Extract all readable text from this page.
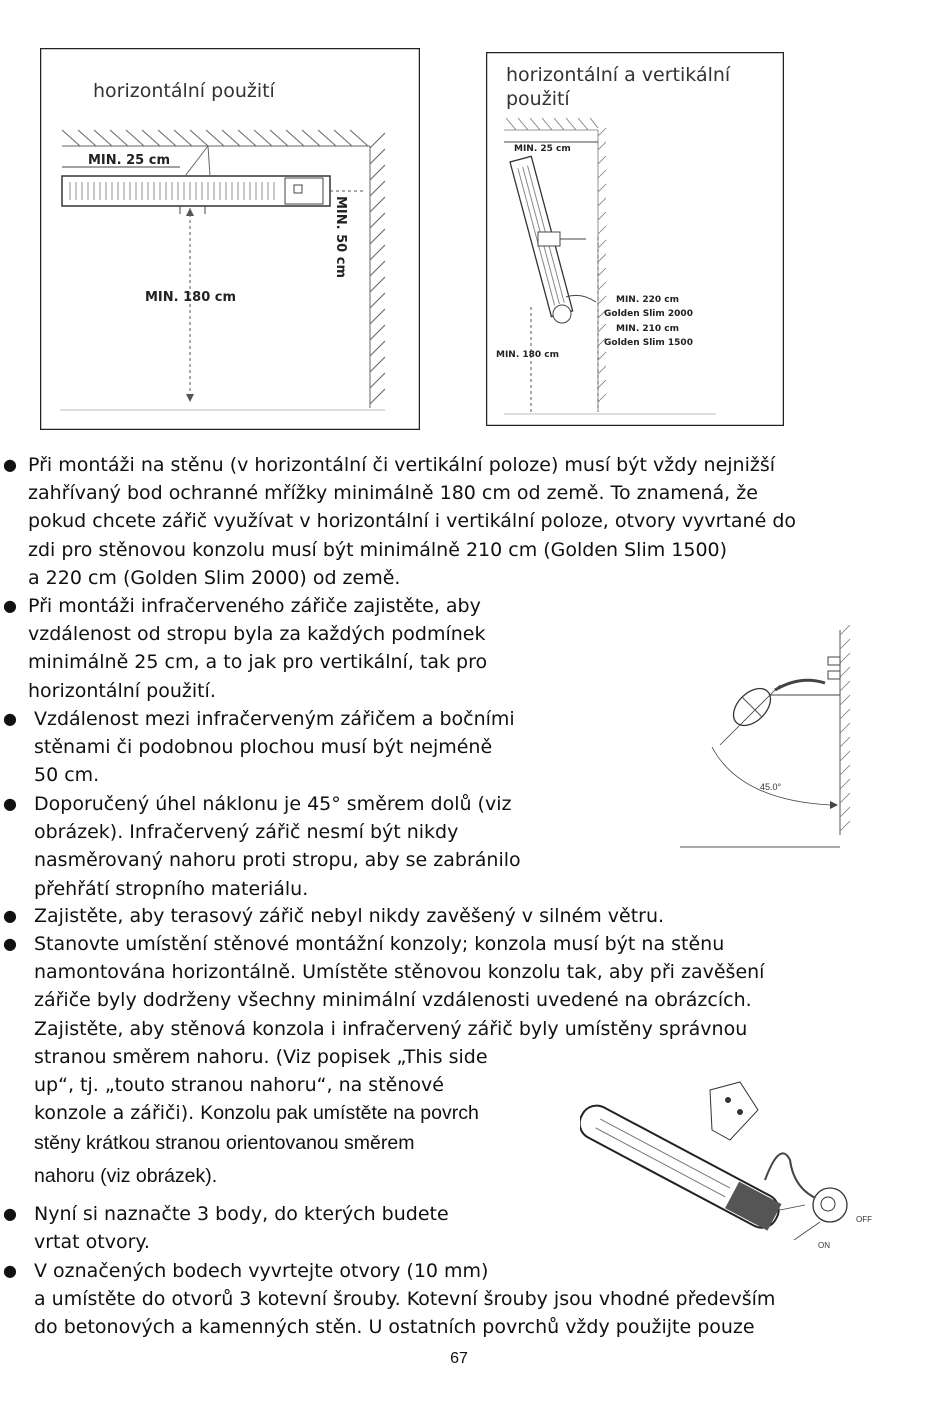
MIN. 25 cm
MIN. 180 cm
MIN. 50 cm
horizontální použití
MIN. 25 cm
MIN. 220 cm
Golden Slim 2000
MIN. 210 cm
Golden Slim 1500
MIN. 180 cm
horizontální a vertikální
použití
45.0°
OFF
ON
● Při montáži na stěnu (v horizontální či vertikální poloze) musí být vždy nejnižší
zahřívaný bod ochranné mřížky minimálně 180 cm od země. To znamená, že
pokud chcete zářič využívat v horizontální i vertikální poloze, otvory vyvrtané do
zdi pro stěnovou konzolu musí být minimálně 210 cm (Golden Slim 1500)
a 220 cm (Golden Slim 2000) od země.
● Při montáži infračerveného zářiče zajistěte, aby
vzdálenost od stropu byla za každých podmínek
minimálně 25 cm, a to jak pro vertikální, tak pro
horizontální použití.
● Vzdálenost mezi infračerveným zářičem a bočními
stěnami či podobnou plochou musí být nejméně
50 cm.
● Doporučený úhel náklonu je 45° směrem dolů (viz
obrázek). Infračervený zářič nesmí být nikdy
nasměrovaný nahoru proti stropu, aby se zabránilo
přehřátí stropního materiálu.
● Zajistěte, aby terasový zářič nebyl nikdy zavěšený v silném větru.
● Stanovte umístění stěnové montážní konzoly; konzola musí být na stěnu
namontována horizontálně. Umístěte stěnovou konzolu tak, aby při zavěšení
zářiče byly dodrženy všechny minimální vzdálenosti uvedené na obrázcích.
Zajistěte, aby stěnová konzola i infračervený zářič byly umístěny správnou
stranou směrem nahoru. (Viz popisek „This side
up“, tj. „touto stranou nahoru“, na stěnové
konzole a zářiči). Konzolu pak umístěte na povrch
stěny krátkou stranou orientovanou směrem
nahoru (viz obrázek).
● Nyní si naznačte 3 body, do kterých budete
vrtat otvory.
● V označených bodech vyvrtejte otvory (10 mm)
a umístěte do otvorů 3 kotevní šrouby. Kotevní šrouby jsou vhodné především
do betonových a kamenných stěn. U ostatních povrchů vždy použijte pouze
67
